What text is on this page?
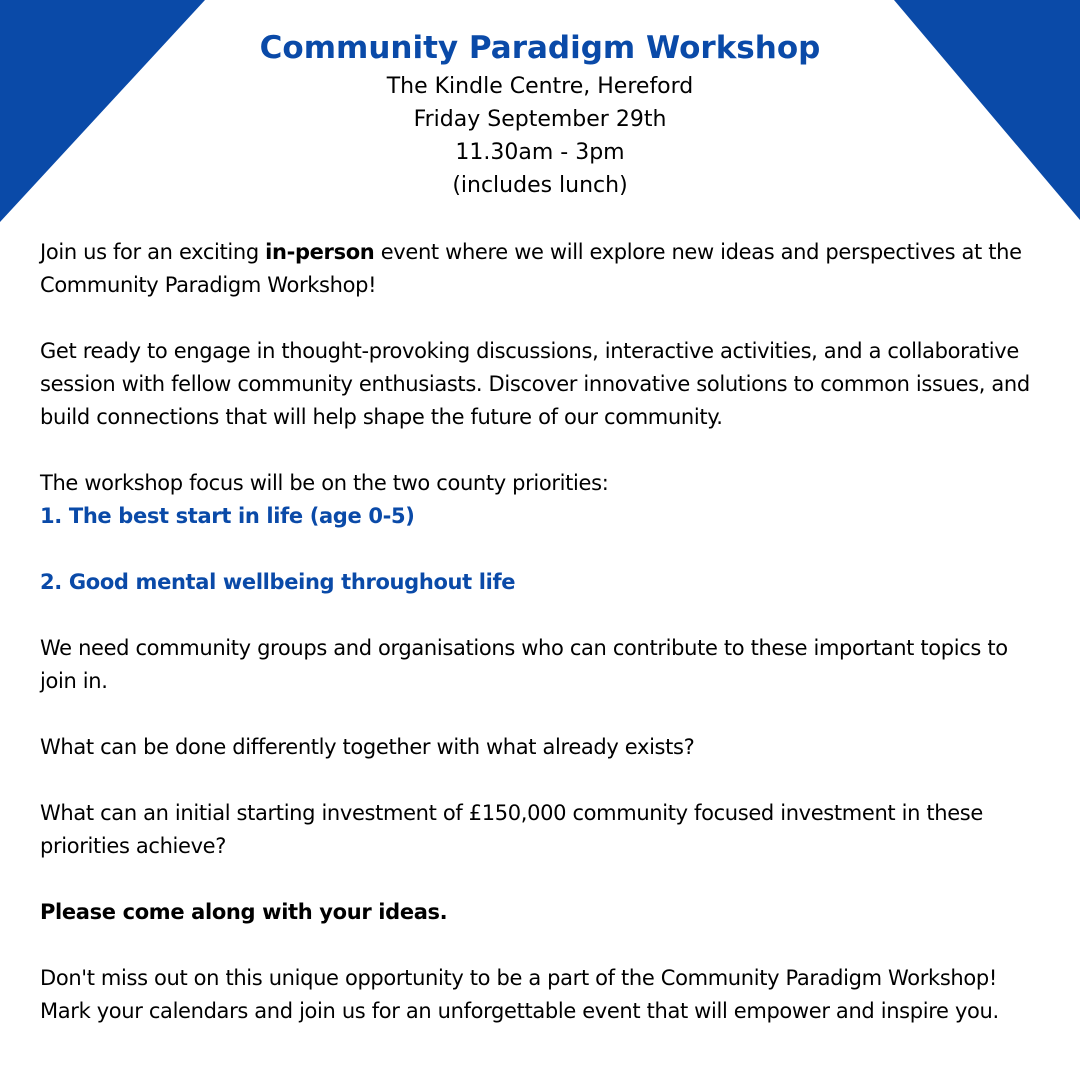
Community Paradigm Workshop

The Kindle Centre, Hereford

Friday September 29th

11.30am - 3pm

(includes lunch)

Join us for an exciting in-person event where we will explore new ideas and perspectives at the Community Paradigm Workshop!

Get ready to engage in thought-provoking discussions, interactive activities, and a collaborative session with fellow community enthusiasts. Discover innovative solutions to common issues, and build connections that will help shape the future of our community.

The workshop focus will be on the two county priorities:

1. The best start in life (age 0-5)

2. Good mental wellbeing throughout life

We need community groups and organisations who can contribute to these important topics to join in.

What can be done differently together with what already exists?

What can an initial starting investment of £150,000 community focused investment in these priorities achieve?

Please come along with your ideas.

Don't miss out on this unique opportunity to be a part of the Community Paradigm Workshop! Mark your calendars and join us for an unforgettable event that will empower and inspire you.
